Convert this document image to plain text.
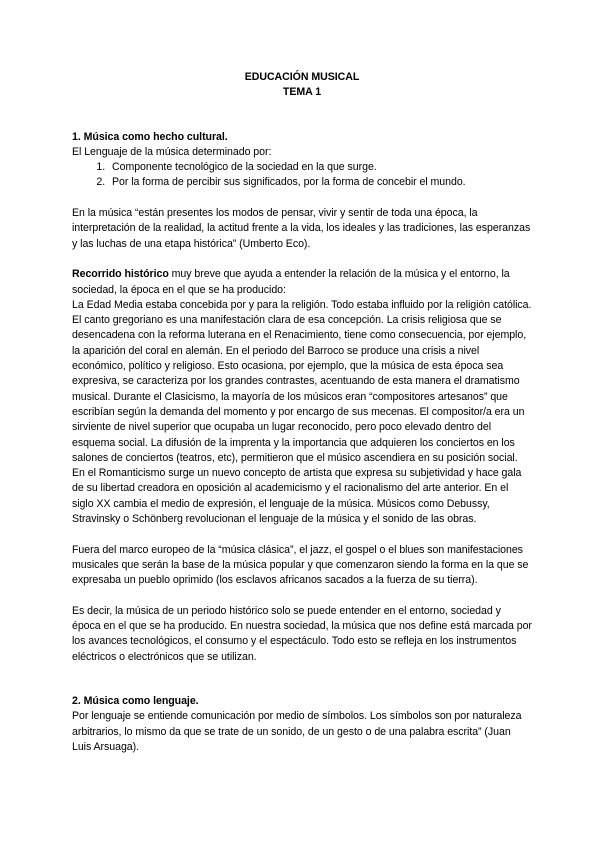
EDUCACIÓN MUSICAL
TEMA 1
1. Música como hecho cultural.

El Lenguaje de la música determinado por:

1. Componente tecnológico de la sociedad en la que surge.
2. Por la forma de percibir sus significados, por la forma de concebir el mundo.

En la música “están presentes los modos de pensar, vivir y sentir de toda una época, la interpretación de la realidad, la actitud frente a la vida, los ideales y las tradiciones, las esperanzas y las luchas de una etapa histórica” (Umberto Eco).

Recorrido histórico muy breve que ayuda a entender la relación de la música y el entorno, la sociedad, la época en el que se ha producido:

La Edad Media estaba concebida por y para la religión. Todo estaba influido por la religión católica. El canto gregoriano es una manifestación clara de esa concepción. La crisis religiosa que se desencadena con la reforma luterana en el Renacimiento, tiene como consecuencia, por ejemplo, la aparición del coral en alemán. En el periodo del Barroco se produce una crisis a nivel económico, político y religioso. Esto ocasiona, por ejemplo, que la música de esta época sea expresiva, se caracteriza por los grandes contrastes, acentuando de esta manera el dramatismo musical. Durante el Clasicismo, la mayoría de los músicos eran “compositores artesanos” que escribían según la demanda del momento y por encargo de sus mecenas. El compositor/a era un sirviente de nivel superior que ocupaba un lugar reconocido, pero poco elevado dentro del esquema social. La difusión de la imprenta y la importancia que adquieren los conciertos en los salones de conciertos (teatros, etc), permitieron que el músico ascendiera en su posición social. En el Romanticismo surge un nuevo concepto de artista que expresa su subjetividad y hace gala de su libertad creadora en oposición al academicismo y el racionalismo del arte anterior. En el siglo XX cambia el medio de expresión, el lenguaje de la música. Músicos como Debussy, Stravinsky o Schönberg revolucionan el lenguaje de la música y el sonido de las obras.

Fuera del marco europeo de la “música clásica”, el jazz, el gospel o el blues son manifestaciones musicales que serán la base de la música popular y que comenzaron siendo la forma en la que se expresaba un pueblo oprimido (los esclavos africanos sacados a la fuerza de su tierra).

Es decir, la música de un periodo histórico solo se puede entender en el entorno, sociedad y época en el que se ha producido. En nuestra sociedad, la música que nos define está marcada por los avances tecnológicos, el consumo y el espectáculo. Todo esto se refleja en los instrumentos eléctricos o electrónicos que se utilizan.

2. Música como lenguaje.

Por lenguaje se entiende comunicación por medio de símbolos. Los símbolos son por naturaleza arbitrarios, lo mismo da que se trate de un sonido, de un gesto o de una palabra escrita” (Juan Luis Arsuaga).
